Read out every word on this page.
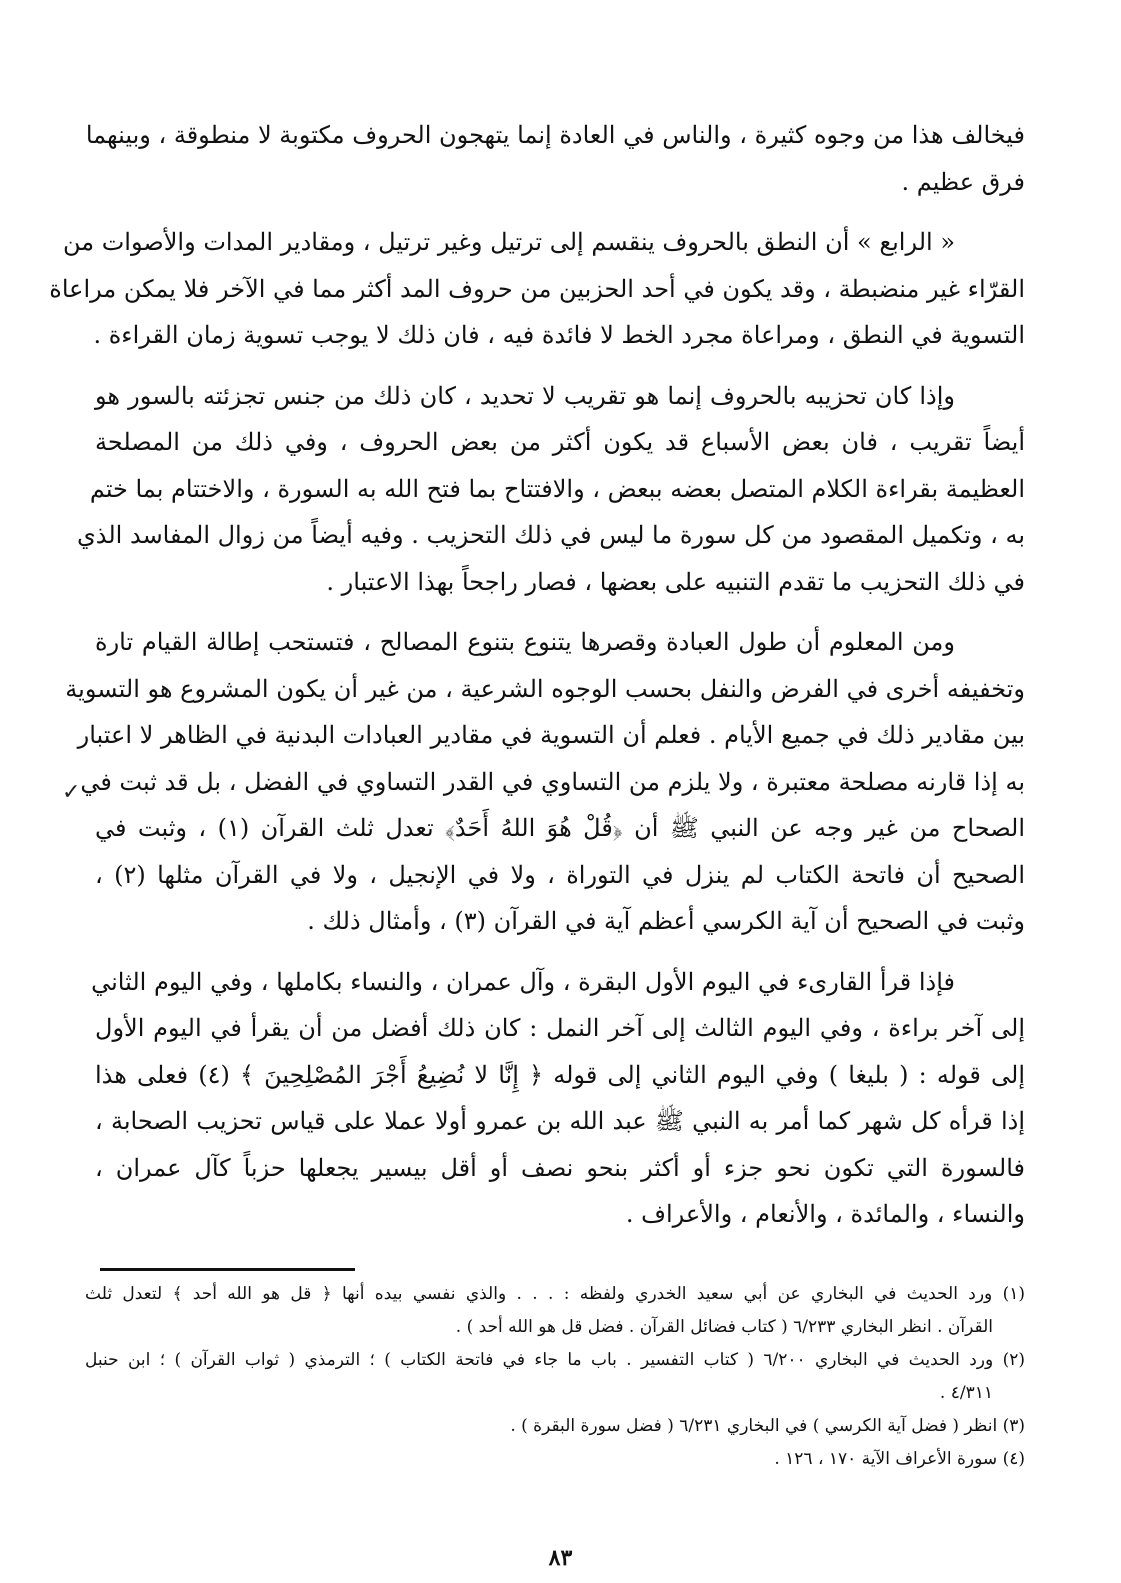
فيخالف هذا من وجوه كثيرة ، والناس في العادة إنما يتهجون الحروف مكتوبة لا منطوقة ، وبينهما
فرق عظيم .
« الرابع » أن النطق بالحروف ينقسم إلى ترتيل وغير ترتيل ، ومقادير المدات والأصوات من
القرّاء غير منضبطة ، وقد يكون في أحد الحزبين من حروف المد أكثر مما في الآخر فلا يمكن مراعاة
التسوية في النطق ، ومراعاة مجرد الخط لا فائدة فيه ، فان ذلك لا يوجب تسوية زمان القراءة .
وإذا كان تحزيبه بالحروف إنما هو تقريب لا تحديد ، كان ذلك من جنس تجزئته بالسور هو
أيضاً تقريب ، فان بعض الأسباع قد يكون أكثر من بعض الحروف ، وفي ذلك من المصلحة
العظيمة بقراءة الكلام المتصل بعضه ببعض ، والافتتاح بما فتح الله به السورة ، والاختتام بما ختم
به ، وتكميل المقصود من كل سورة ما ليس في ذلك التحزيب . وفيه أيضاً من زوال المفاسد الذي
في ذلك التحزيب ما تقدم التنبيه على بعضها ، فصار راجحاً بهذا الاعتبار .
ومن المعلوم أن طول العبادة وقصرها يتنوع بتنوع المصالح ، فتستحب إطالة القيام تارة
وتخفيفه أخرى في الفرض والنفل بحسب الوجوه الشرعية ، من غير أن يكون المشروع هو التسوية
بين مقادير ذلك في جميع الأيام . فعلم أن التسوية في مقادير العبادات البدنية في الظاهر لا اعتبار
به إذا قارنه مصلحة معتبرة ، ولا يلزم من التساوي في القدر التساوي في الفضل ، بل قد ثبت في
الصحاح من غير وجه عن النبي ﷺ أن ﴿قُلْ هُوَ اللهُ أَحَدٌ﴾ تعدل ثلث القرآن (١) ، وثبت في
الصحيح أن فاتحة الكتاب لم ينزل في التوراة ، ولا في الإنجيل ، ولا في القرآن مثلها (٢) ،
وثبت في الصحيح أن آية الكرسي أعظم آية في القرآن (٣) ، وأمثال ذلك .
فإذا قرأ القارىء في اليوم الأول البقرة ، وآل عمران ، والنساء بكاملها ، وفي اليوم الثاني
إلى آخر براءة ، وفي اليوم الثالث إلى آخر النمل : كان ذلك أفضل من أن يقرأ في اليوم الأول
إلى قوله : ( بليغا ) وفي اليوم الثاني إلى قوله ﴿ إِنَّا لا نُضِيعُ أَجْرَ المُصْلِحِينَ ﴾ (٤) فعلى هذا
إذا قرأه كل شهر كما أمر به النبي ﷺ عبد الله بن عمرو أولا عملا على قياس تحزيب الصحابة ،
فالسورة التي تكون نحو جزء أو أكثر بنحو نصف أو أقل بيسير يجعلها حزباً كآل عمران ،
والنساء ، والمائدة ، والأنعام ، والأعراف .
✓
(١) ورد الحديث في البخاري عن أبي سعيد الخدري ولفظه : . . . والذي نفسي بيده أنها ﴿ قل هو الله أحد ﴾ لتعدل ثلث
القرآن . انظر البخاري ٦/٢٣٣ ( كتاب فضائل القرآن . فضل قل هو الله أحد ) .
(٢) ورد الحديث في البخاري ٦/٢٠٠ ( كتاب التفسير . باب ما جاء في فاتحة الكتاب ) ؛ الترمذي ( ثواب القرآن ) ؛ ابن حنبل
٤/٣١١ .
(٣) انظر ( فضل آية الكرسي ) في البخاري ٦/٢٣١ ( فضل سورة البقرة ) .
(٤) سورة الأعراف الآية ١٧٠ ، ١٢٦ .
٨٣
